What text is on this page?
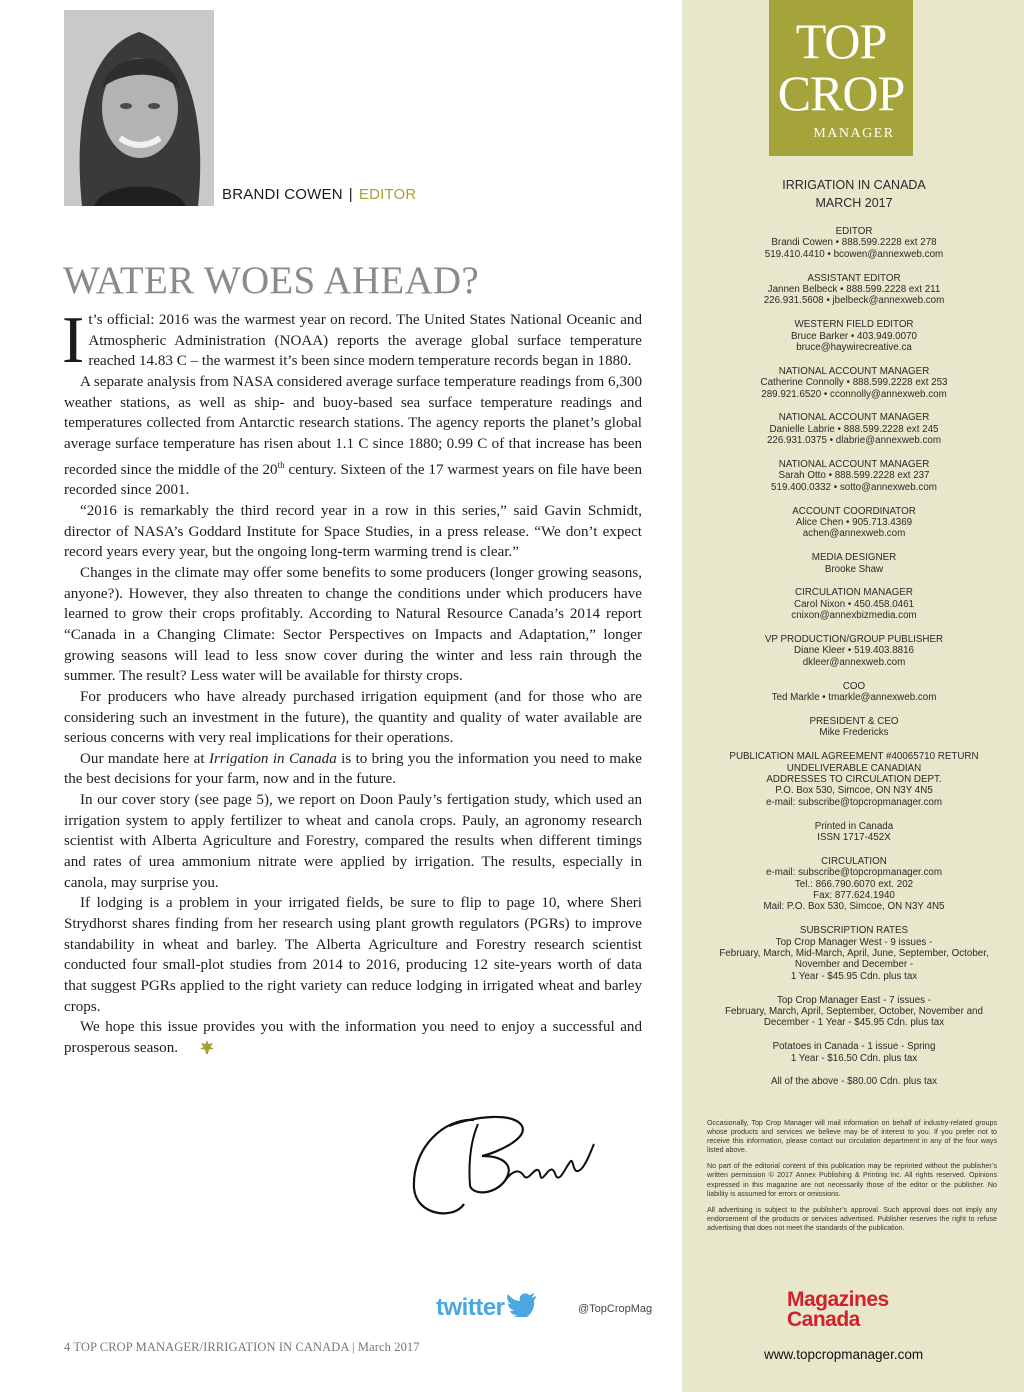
BRANDI COWEN | EDITOR
WATER WOES AHEAD?

It’s official: 2016 was the warmest year on record. The United States National Oceanic and Atmospheric Administration (NOAA) reports the average global surface temperature reached 14.83 C – the warmest it’s been since modern temperature records began in 1880.

A separate analysis from NASA considered average surface temperature readings from 6,300 weather stations, as well as ship- and buoy-based sea surface temperature readings and temperatures collected from Antarctic research stations. The agency reports the planet’s global average surface temperature has risen about 1.1 C since 1880; 0.99 C of that increase has been recorded since the middle of the 20th century. Sixteen of the 17 warmest years on file have been recorded since 2001.

“2016 is remarkably the third record year in a row in this series,” said Gavin Schmidt, director of NASA’s Goddard Institute for Space Studies, in a press release. “We don’t expect record years every year, but the ongoing long-term warming trend is clear.”

Changes in the climate may offer some benefits to some producers (longer growing seasons, anyone?). However, they also threaten to change the conditions under which producers have learned to grow their crops profitably. According to Natural Resource Canada’s 2014 report “Canada in a Changing Climate: Sector Perspectives on Impacts and Adaptation,” longer growing seasons will lead to less snow cover during the winter and less rain through the summer. The result? Less water will be available for thirsty crops.

For producers who have already purchased irrigation equipment (and for those who are considering such an investment in the future), the quantity and quality of water available are serious concerns with very real implications for their operations.

Our mandate here at Irrigation in Canada is to bring you the information you need to make the best decisions for your farm, now and in the future.

In our cover story (see page 5), we report on Doon Pauly’s fertigation study, which used an irrigation system to apply fertilizer to wheat and canola crops. Pauly, an agronomy research scientist with Alberta Agriculture and Forestry, compared the results when different timings and rates of urea ammonium nitrate were applied by irrigation. The results, especially in canola, may surprise you.

If lodging is a problem in your irrigated fields, be sure to flip to page 10, where Sheri Strydhorst shares finding from her research using plant growth regulators (PGRs) to improve standability in wheat and barley. The Alberta Agriculture and Forestry research scientist conducted four small-plot studies from 2014 to 2016, producing 12 site-years worth of data that suggest PGRs applied to the right variety can reduce lodging in irrigated wheat and barley crops.

We hope this issue provides you with the information you need to enjoy a successful and prosperous season.

twitter	@TopCropMag
4 TOP CROP MANAGER/IRRIGATION IN CANADA | March 2017
TOP
CROP
MANAGER
IRRIGATION IN CANADA
MARCH 2017
EDITOR
Brandi Cowen • 888.599.2228 ext 278
519.410.4410 • bcowen@annexweb.com
ASSISTANT EDITOR
Jannen Belbeck • 888.599.2228 ext 211
226.931.5608 • jbelbeck@annexweb.com
WESTERN FIELD EDITOR
Bruce Barker • 403.949.0070
bruce@haywirecreative.ca
NATIONAL ACCOUNT MANAGER
Catherine Connolly • 888.599.2228 ext 253
289.921.6520 • cconnolly@annexweb.com
NATIONAL ACCOUNT MANAGER
Danielle Labrie • 888.599.2228 ext 245
226.931.0375 • dlabrie@annexweb.com
NATIONAL ACCOUNT MANAGER
Sarah Otto • 888.599.2228 ext 237
519.400.0332 • sotto@annexweb.com
ACCOUNT COORDINATOR
Alice Chen • 905.713.4369
achen@annexweb.com
MEDIA DESIGNER
Brooke Shaw
CIRCULATION MANAGER
Carol Nixon • 450.458.0461
cnixon@annexbizmedia.com
VP PRODUCTION/GROUP PUBLISHER
Diane Kleer • 519.403.8816
dkleer@annexweb.com
COO
Ted Markle • tmarkle@annexweb.com
PRESIDENT & CEO
Mike Fredericks
PUBLICATION MAIL AGREEMENT #40065710 RETURN
UNDELIVERABLE CANADIAN
ADDRESSES TO CIRCULATION DEPT.
P.O. Box 530, Simcoe, ON N3Y 4N5
e-mail: subscribe@topcropmanager.com
Printed in Canada
ISSN 1717-452X
CIRCULATION
e-mail: subscribe@topcropmanager.com
Tel.: 866.790.6070 ext. 202
Fax: 877.624.1940
Mail: P.O. Box 530, Simcoe, ON N3Y 4N5
SUBSCRIPTION RATES
Top Crop Manager West - 9 issues -
February, March, Mid-March, April, June, September, October,
November and December -
1 Year - $45.95 Cdn. plus tax
Top Crop Manager East - 7 issues -
February, March, April, September, October, November and
December - 1 Year - $45.95 Cdn. plus tax
Potatoes in Canada - 1 issue - Spring
1 Year - $16.50 Cdn. plus tax
All of the above - $80.00 Cdn. plus tax

Occasionally, Top Crop Manager will mail information on behalf of industry-related groups whose products and services we believe may be of interest to you. If you prefer not to receive this information, please contact our circulation department in any of the four ways listed above.

No part of the editorial content of this publication may be reprinted without the publisher’s written permission © 2017 Annex Publishing & Printing Inc. All rights reserved. Opinions expressed in this magazine are not necessarily those of the editor or the publisher. No liability is assumed for errors or omissions.

All advertising is subject to the publisher’s approval. Such approval does not imply any endorsement of the products or services advertised. Publisher reserves the right to refuse advertising that does not meet the standards of the publication.

Magazines
Canada
www.topcropmanager.com
